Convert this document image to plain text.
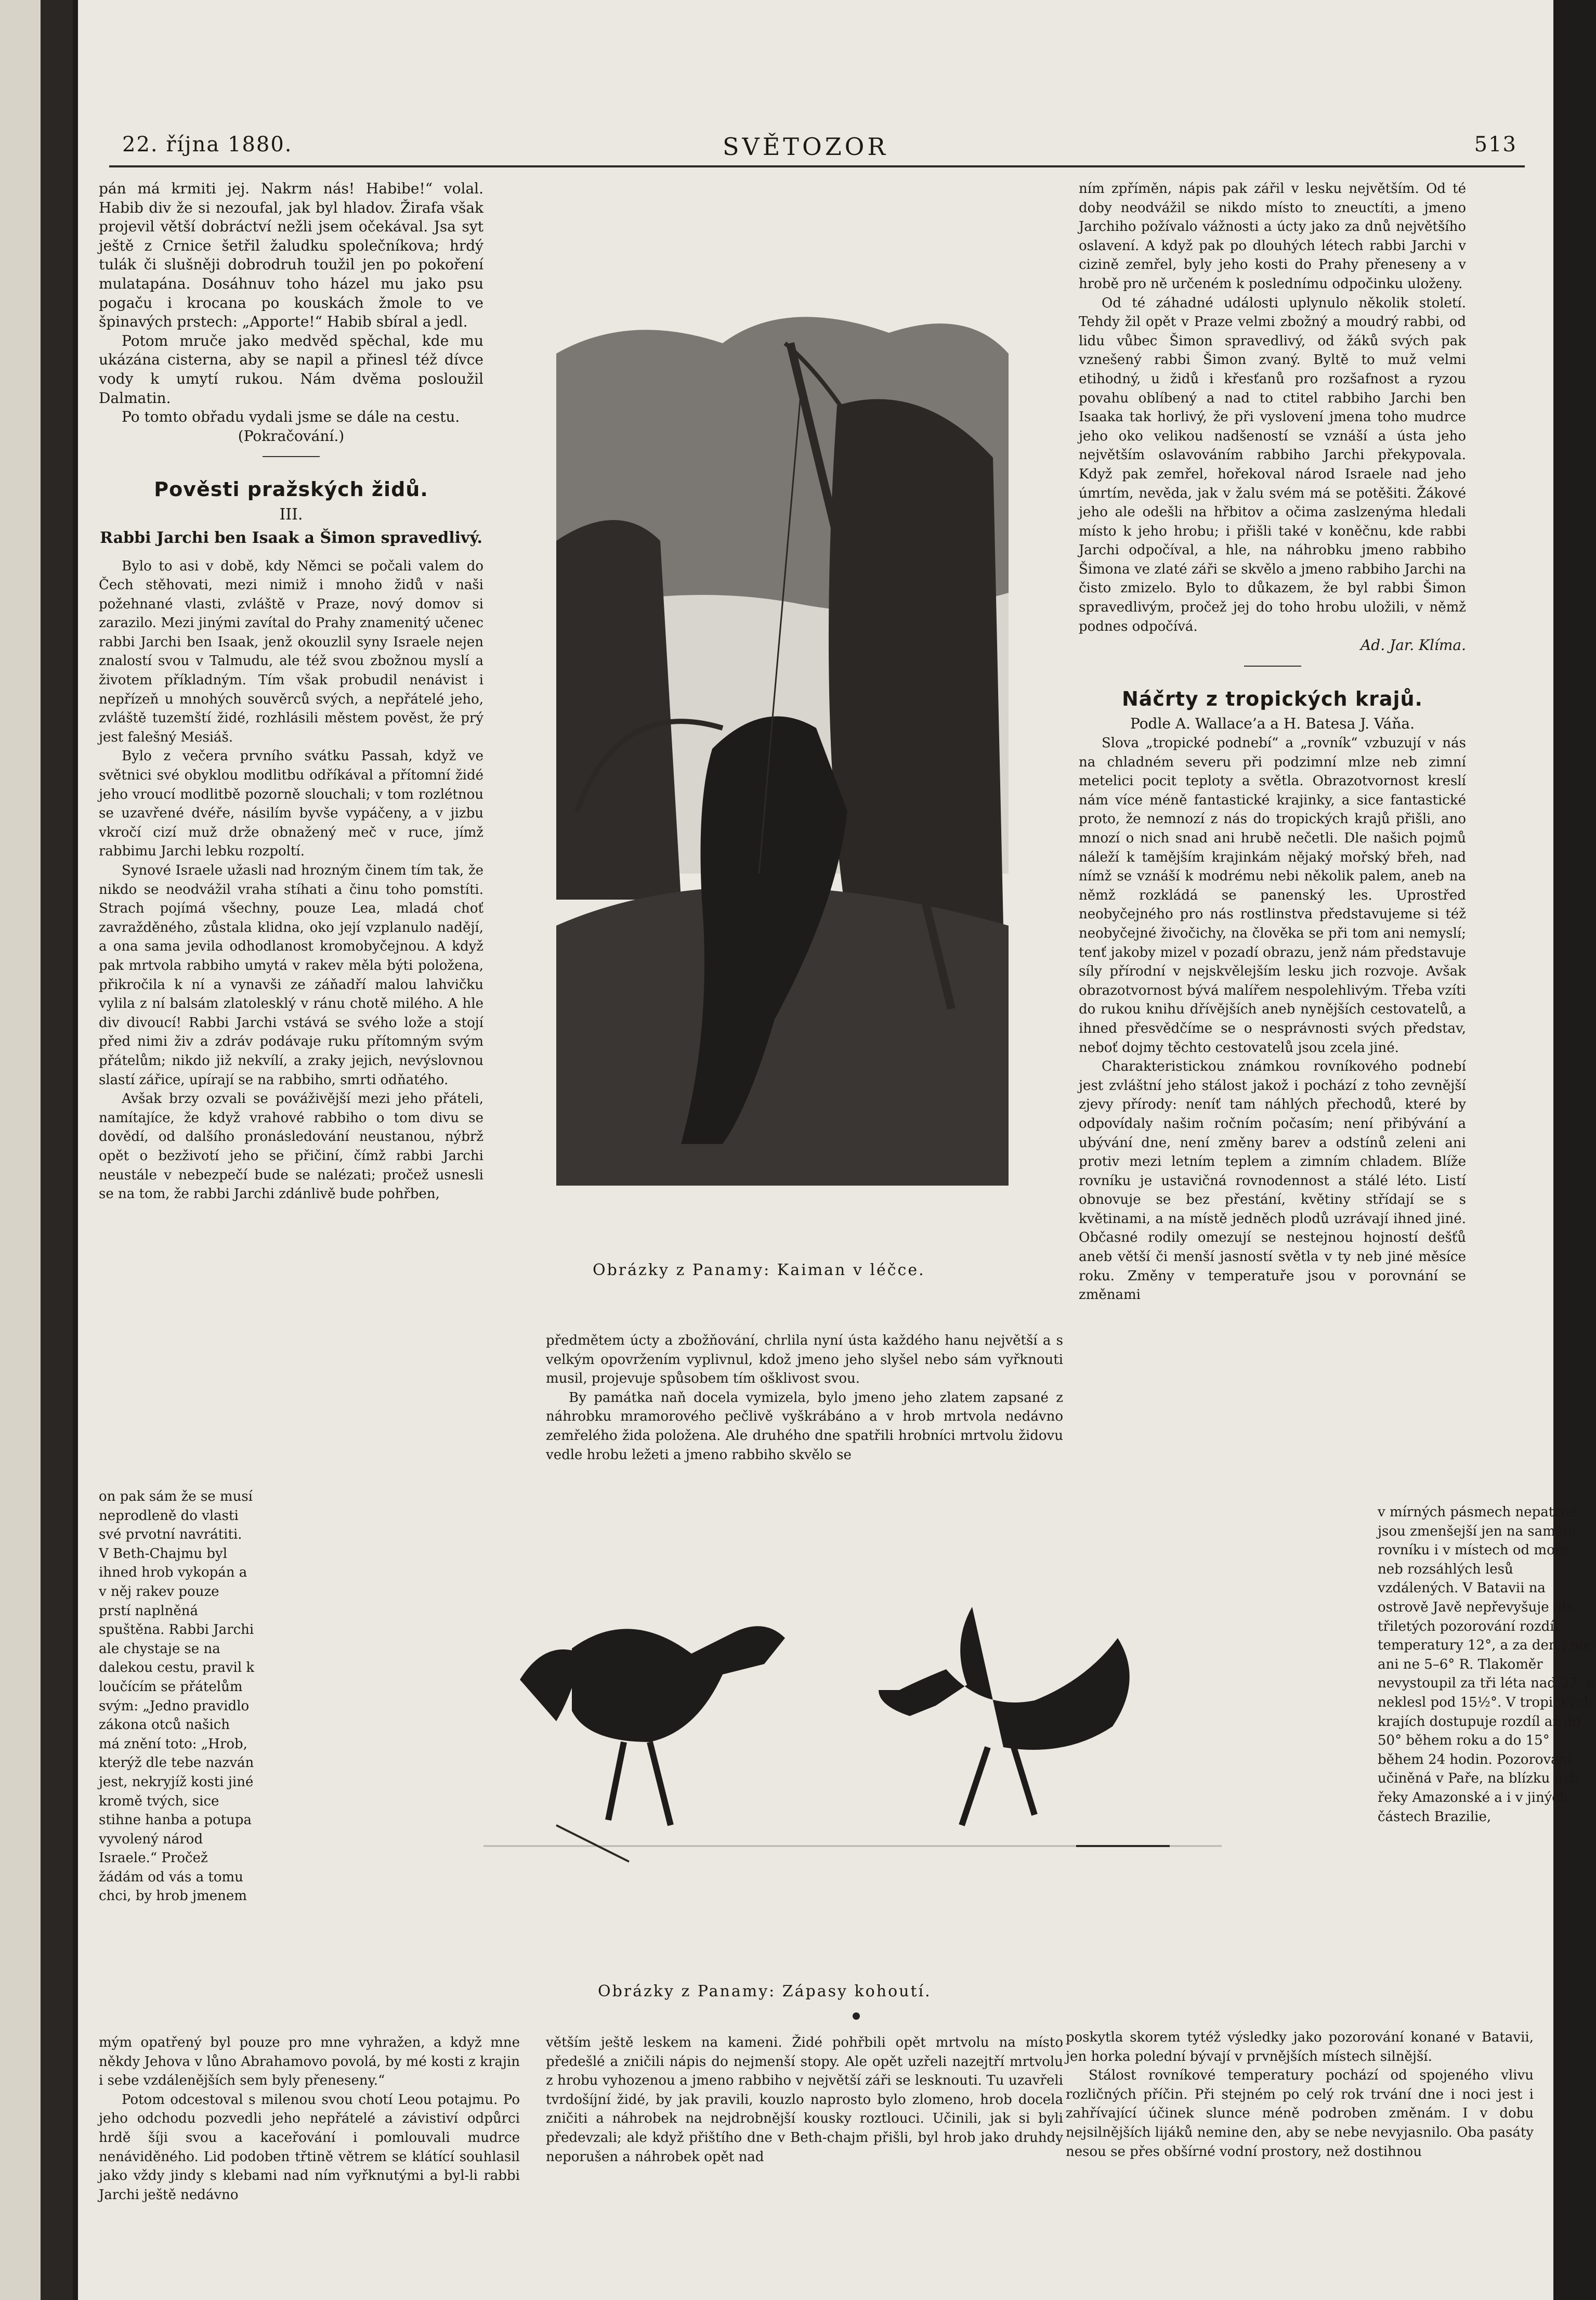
22. října 1880.	SVĚTOZOR	513

pán má krmiti jej. Nakrm nás! Habibe!“ volal. Habib div že si nezoufal, jak byl hladov. Žirafa však projevil větší dobráctví nežli jsem očekával. Jsa syt ještě z Crnice šetřil žaludku společníkova; hrdý tulák či slušněji dobrodruh toužil jen po pokoření mulatapána. Dosáhnuv toho házel mu jako psu pogaču i krocana po kouskách žmole to ve špinavých prstech: „Apporte!“ Habib sbíral a jedl.

Potom mruče jako medvěd spěchal, kde mu ukázána cisterna, aby se napil a přinesl též dívce vody k umytí rukou. Nám dvěma posloužil Dalmatin.

Po tomto obřadu vydali jsme se dále na cestu.

(Pokračování.)

Pověsti pražských židů.
III.
Rabbi Jarchi ben Isaak a Šimon spravedlivý.

Bylo to asi v době, kdy Němci se počali valem do Čech stěhovati, mezi nimiž i mnoho židů v naši požehnané vlasti, zvláště v Praze, nový domov si zarazilo. Mezi jinými zavítal do Prahy znamenitý učenec rabbi Jarchi ben Isaak, jenž okouzlil syny Israele nejen znalostí svou v Talmudu, ale též svou zbožnou myslí a životem příkladným. Tím však probudil nenávist i nepřízeň u mnohých souvěrců svých, a nepřátelé jeho, zvláště tuzemští židé, rozhlásili městem pověst, že prý jest falešný Mesiáš.

Bylo z večera prvního svátku Passah, když ve světnici své obyklou modlitbu odříkával a přítomní židé jeho vroucí modlitbě pozorně slouchali; v tom rozlétnou se uzavřené dvéře, násilím byvše vypáčeny, a v jizbu vkročí cizí muž drže obnažený meč v ruce, jímž rabbimu Jarchi lebku rozpoltí.

Synové Israele užasli nad hrozným činem tím tak, že nikdo se neodvážil vraha stíhati a činu toho pomstíti. Strach pojímá všechny, pouze Lea, mladá choť zavražděného, zůstala klidna, oko její vzplanulo nadějí, a ona sama jevila odhodlanost kromobyčejnou. A když pak mrtvola rabbiho umytá v rakev měla býti položena, přikročila k ní a vynavši ze záňadří malou lahvičku vylila z ní balsám zlatolesklý v ránu chotě milého. A hle div divoucí! Rabbi Jarchi vstává se svého lože a stojí před nimi živ a zdráv podávaje ruku přítomným svým přátelům; nikdo již nekvílí, a zraky jejich, nevýslovnou slastí zářice, upírají se na rabbiho, smrti odňatého.

Avšak brzy ozvali se pováživější mezi jeho přáteli, namítajíce, že když vrahové rabbiho o tom divu se dovědí, od dalšího pronásledování neustanou, nýbrž opět o bezživotí jeho se přičiní, čímž rabbi Jarchi neustále v nebezpečí bude se nalézati; pročež usnesli se na tom, že rabbi Jarchi zdánlivě bude pohřben,

Obrázky z Panamy: Kaiman v léčce.

předmětem úcty a zbožňování, chrlila nyní ústa každého hanu největší a s velkým opovržením vyplivnul, kdož jmeno jeho slyšel nebo sám vyřknouti musil, projevuje spůsobem tím ošklivost svou.

By památka naň docela vymizela, bylo jmeno jeho zlatem zapsané z náhrobku mramorového pečlivě vyškrábáno a v hrob mrtvola nedávno zemřelého žida položena. Ale druhého dne spatřili hrobníci mrtvolu židovu vedle hrobu ležeti a jmeno rabbiho skvělo se

ním zpříměn, nápis pak zářil v lesku největším. Od té doby neodvážil se nikdo místo to zneuctíti, a jmeno Jarchiho požívalo vážnosti a úcty jako za dnů největšího oslavení. A když pak po dlouhých létech rabbi Jarchi v cizině zemřel, byly jeho kosti do Prahy přeneseny a v hrobě pro ně určeném k poslednímu odpočinku uloženy.

Od té záhadné události uplynulo několik století. Tehdy žil opět v Praze velmi zbožný a moudrý rabbi, od lidu vůbec Šimon spravedlivý, od žáků svých pak vznešený rabbi Šimon zvaný. Byltě to muž velmi etihodný, u židů i křesťanů pro rozšafnost a ryzou povahu oblíbený a nad to ctitel rabbiho Jarchi ben Isaaka tak horlivý, že při vyslovení jmena toho mudrce jeho oko velikou nadšeností se vznáší a ústa jeho největším oslavováním rabbiho Jarchi překypovala. Když pak zemřel, hořekoval národ Israele nad jeho úmrtím, nevěda, jak v žalu svém má se potěšiti. Žákové jeho ale odešli na hřbitov a očima zaslzenýma hledali místo k jeho hrobu; i přišli také v koněčnu, kde rabbi Jarchi odpočíval, a hle, na náhrobku jmeno rabbiho Šimona ve zlaté záři se skvělo a jmeno rabbiho Jarchi na čisto zmizelo. Bylo to důkazem, že byl rabbi Šimon spravedlivým, pročež jej do toho hrobu uložili, v němž podnes odpočívá.

Ad. Jar. Klíma.

Náčrty z tropických krajů.

Podle A. Wallace’a a H. Batesa J. Váňa.

Slova „tropické podnebí“ a „rovník“ vzbuzují v nás na chladném severu při podzimní mlze neb zimní metelici pocit teploty a světla. Obrazotvornost kreslí nám více méně fantastické krajinky, a sice fantastické proto, že nemnozí z nás do tropických krajů přišli, ano mnozí o nich snad ani hrubě nečetli. Dle našich pojmů náleží k tamějším krajinkám nějaký mořský břeh, nad nímž se vznáší k modrému nebi několik palem, aneb na němž rozkládá se panenský les. Uprostřed neobyčejného pro nás rostlinstva představujeme si též neobyčejné živočichy, na člověka se při tom ani nemyslí; tenť jakoby mizel v pozadí obrazu, jenž nám představuje síly přírodní v nejskvělejším lesku jich rozvoje. Avšak obrazotvornost bývá malířem nespolehlivým. Třeba vzíti do rukou knihu dřívějších aneb nynějších cestovatelů, a ihned přesvědčíme se o nesprávnosti svých představ, neboť dojmy těchto cestovatelů jsou zcela jiné.

Charakteristickou známkou rovníkového podnebí jest zvláštní jeho stálost jakož i pochází z toho zevnější zjevy přírody: neníť tam náhlých přechodů, které by odpovídaly našim ročním počasím; není přibývání a ubývání dne, není změny barev a odstínů zeleni ani protiv mezi letním teplem a zimním chladem. Blíže rovníku je ustavičná rovnodennost a stálé léto. Listí obnovuje se bez přestání, květiny střídají se s květinami, a na místě jedněch plodů uzrávají ihned jiné. Občasné rodily omezují se nestejnou hojností dešťů aneb větší či menší jasností světla v ty neb jiné měsíce roku. Změny v temperatuře jsou v porovnání se změnami

on pak sám že se musí neprodleně do vlasti své prvotní navrátiti. V Beth-Chajmu byl ihned hrob vykopán a v něj rakev pouze prstí naplněná spuštěna. Rabbi Jarchi ale chystaje se na dalekou cestu, pravil k loučícím se přátelům svým: „Jedno pravidlo zákona otců našich má znění toto: „Hrob, kterýž dle tebe nazván jest, nekryjíž kosti jiné kromě tvých, sice stihne hanba a potupa vyvolený národ Israele.“ Pročež žádám od vás a tomu chci, by hrob jmenem

Obrázky z Panamy: Zápasy kohoutí.

v mírných pásmech nepatrné; jsou zmenšejší jen na samém rovníku i v místech od moře neb rozsáhlých lesů vzdálených. V Batavii na ostrově Javě nepřevyšuje dle třiletých pozorování rozdíl temperatury 12°, a za den i noc ani ne 5–6° R. Tlakoměr nevystoupil za tři léta nad 27, a neklesl pod 15½°. V tropických krajích dostupuje rozdíl až do 50° během roku a do 15° během 24 hodin. Pozorování učiněná v Paře, na blízku ústí řeky Amazonské a i v jiných částech Brazilie,

mým opatřený byl pouze pro mne vyhražen, a když mne někdy Jehova v lůno Abrahamovo povolá, by mé kosti z krajin i sebe vzdálenějších sem byly přeneseny.“

Potom odcestoval s milenou svou chotí Leou potajmu. Po jeho odchodu pozvedli jeho nepřátelé a závistiví odpůrci hrdě šíji svou a kaceřování i pomlouvali mudrce nenáviděného. Lid podoben třtině větrem se klátící souhlasil jako vždy jindy s klebami nad ním vyřknutými a byl-li rabbi Jarchi ještě nedávno

větším ještě leskem na kameni. Židé pohřbili opět mrtvolu na místo předešlé a zničili nápis do nejmenší stopy. Ale opět uzřeli nazejtří mrtvolu z hrobu vyhozenou a jmeno rabbiho v největší záři se lesknouti. Tu uzavřeli tvrdošíjní židé, by jak pravili, kouzlo naprosto bylo zlomeno, hrob docela zničiti a náhrobek na nejdrobnější kousky roztlouci. Učinili, jak si byli předevzali; ale když přištího dne v Beth-chajm přišli, byl hrob jako druhdy neporušen a náhrobek opět nad

poskytla skorem tytéž výsledky jako pozorování konané v Batavii, jen horka polední bývají v prvnějších místech silnější.

Stálost rovníkové temperatury pochází od spojeného vlivu rozličných příčin. Při stejném po celý rok trvání dne i noci jest i zahřívající účinek slunce méně podroben změnám. I v dobu nejsilnějších lijáků nemine den, aby se nebe nevyjasnilo. Oba pasáty nesou se přes obšírné vodní prostory, než dostihnou
